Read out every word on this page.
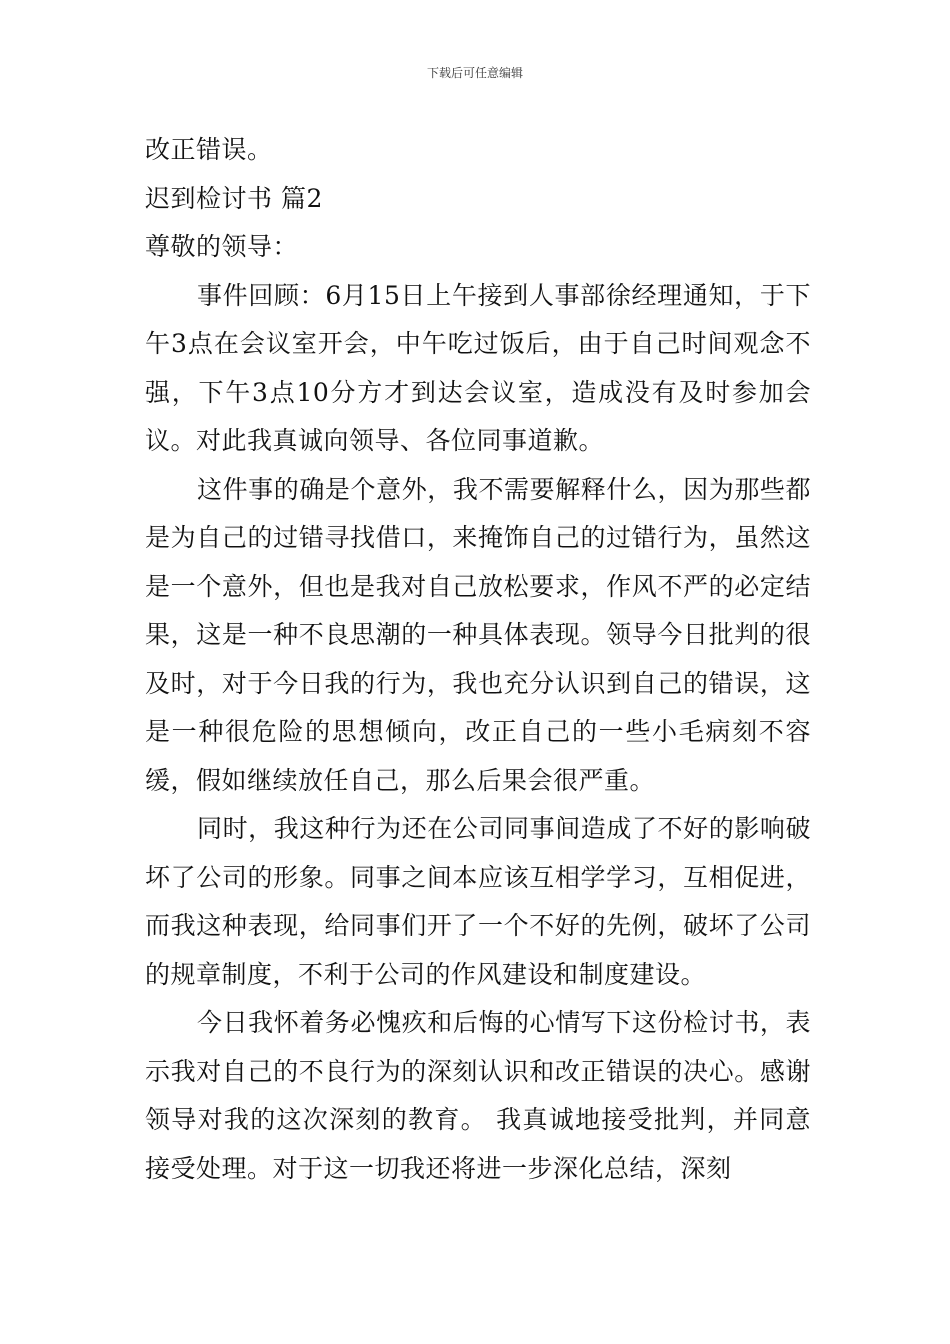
下载后可任意编辑

改正错误。

迟到检讨书 篇2

尊敬的领导：

事件回顾：6月15日上午接到人事部徐经理通知，于下午3点在会议室开会，中午吃过饭后，由于自己时间观念不强，下午3点10分方才到达会议室，造成没有及时参加会议。对此我真诚向领导、各位同事道歉。

这件事的确是个意外，我不需要解释什么，因为那些都是为自己的过错寻找借口，来掩饰自己的过错行为，虽然这是一个意外，但也是我对自己放松要求，作风不严的必定结果，这是一种不良思潮的一种具体表现。领导今日批判的很及时，对于今日我的行为，我也充分认识到自己的错误，这是一种很危险的思想倾向，改正自己的一些小毛病刻不容缓，假如继续放任自己，那么后果会很严重。

同时，我这种行为还在公司同事间造成了不好的影响破坏了公司的形象。同事之间本应该互相学学习，互相促进，而我这种表现，给同事们开了一个不好的先例，破坏了公司的规章制度，不利于公司的作风建设和制度建设。

今日我怀着务必愧疚和后悔的心情写下这份检讨书，表示我对自己的不良行为的深刻认识和改正错误的决心。感谢领导对我的这次深刻的教育。 我真诚地接受批判，并同意接受处理。对于这一切我还将进一步深化总结，深刻
